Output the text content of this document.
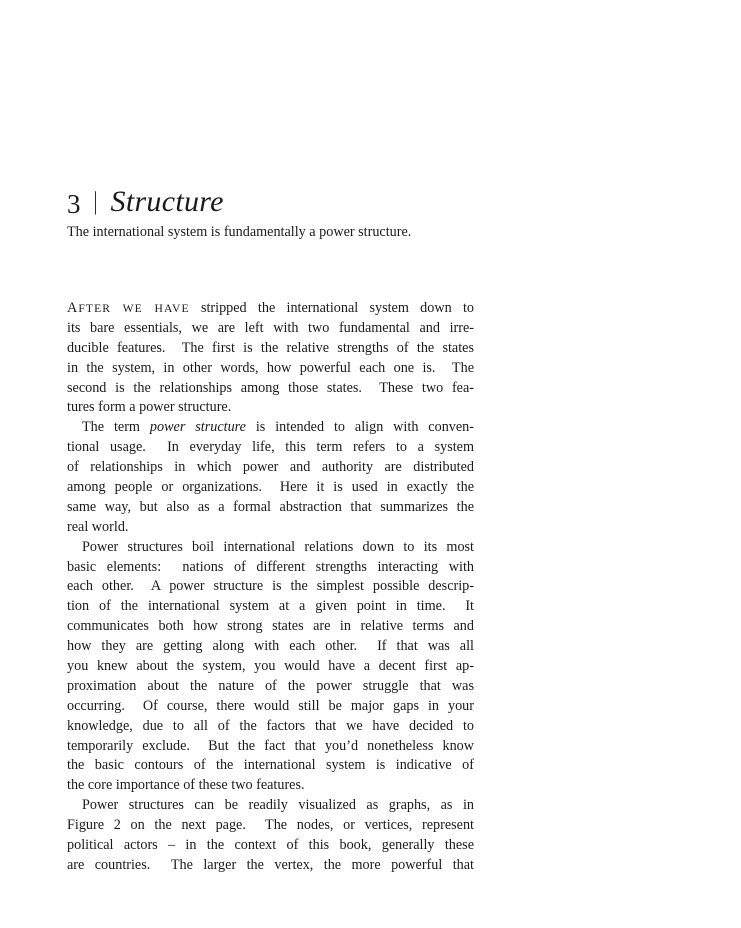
3 | Structure
The international system is fundamentally a power structure.
AFTER WE HAVE stripped the international system down to
its bare essentials, we are left with two fundamental and irre-
ducible features.  The first is the relative strengths of the states
in the system, in other words, how powerful each one is.  The
second is the relationships among those states.  These two fea-
tures form a power structure.
The term power structure is intended to align with conven-
tional usage.  In everyday life, this term refers to a system
of relationships in which power and authority are distributed
among people or organizations.  Here it is used in exactly the
same way, but also as a formal abstraction that summarizes the
real world.
Power structures boil international relations down to its most
basic elements:  nations of different strengths interacting with
each other.  A power structure is the simplest possible descrip-
tion of the international system at a given point in time.  It
communicates both how strong states are in relative terms and
how they are getting along with each other.  If that was all
you knew about the system, you would have a decent first ap-
proximation about the nature of the power struggle that was
occurring.  Of course, there would still be major gaps in your
knowledge, due to all of the factors that we have decided to
temporarily exclude.  But the fact that you’d nonetheless know
the basic contours of the international system is indicative of
the core importance of these two features.
Power structures can be readily visualized as graphs, as in
Figure 2 on the next page.  The nodes, or vertices, represent
political actors – in the context of this book, generally these
are countries.  The larger the vertex, the more powerful that
